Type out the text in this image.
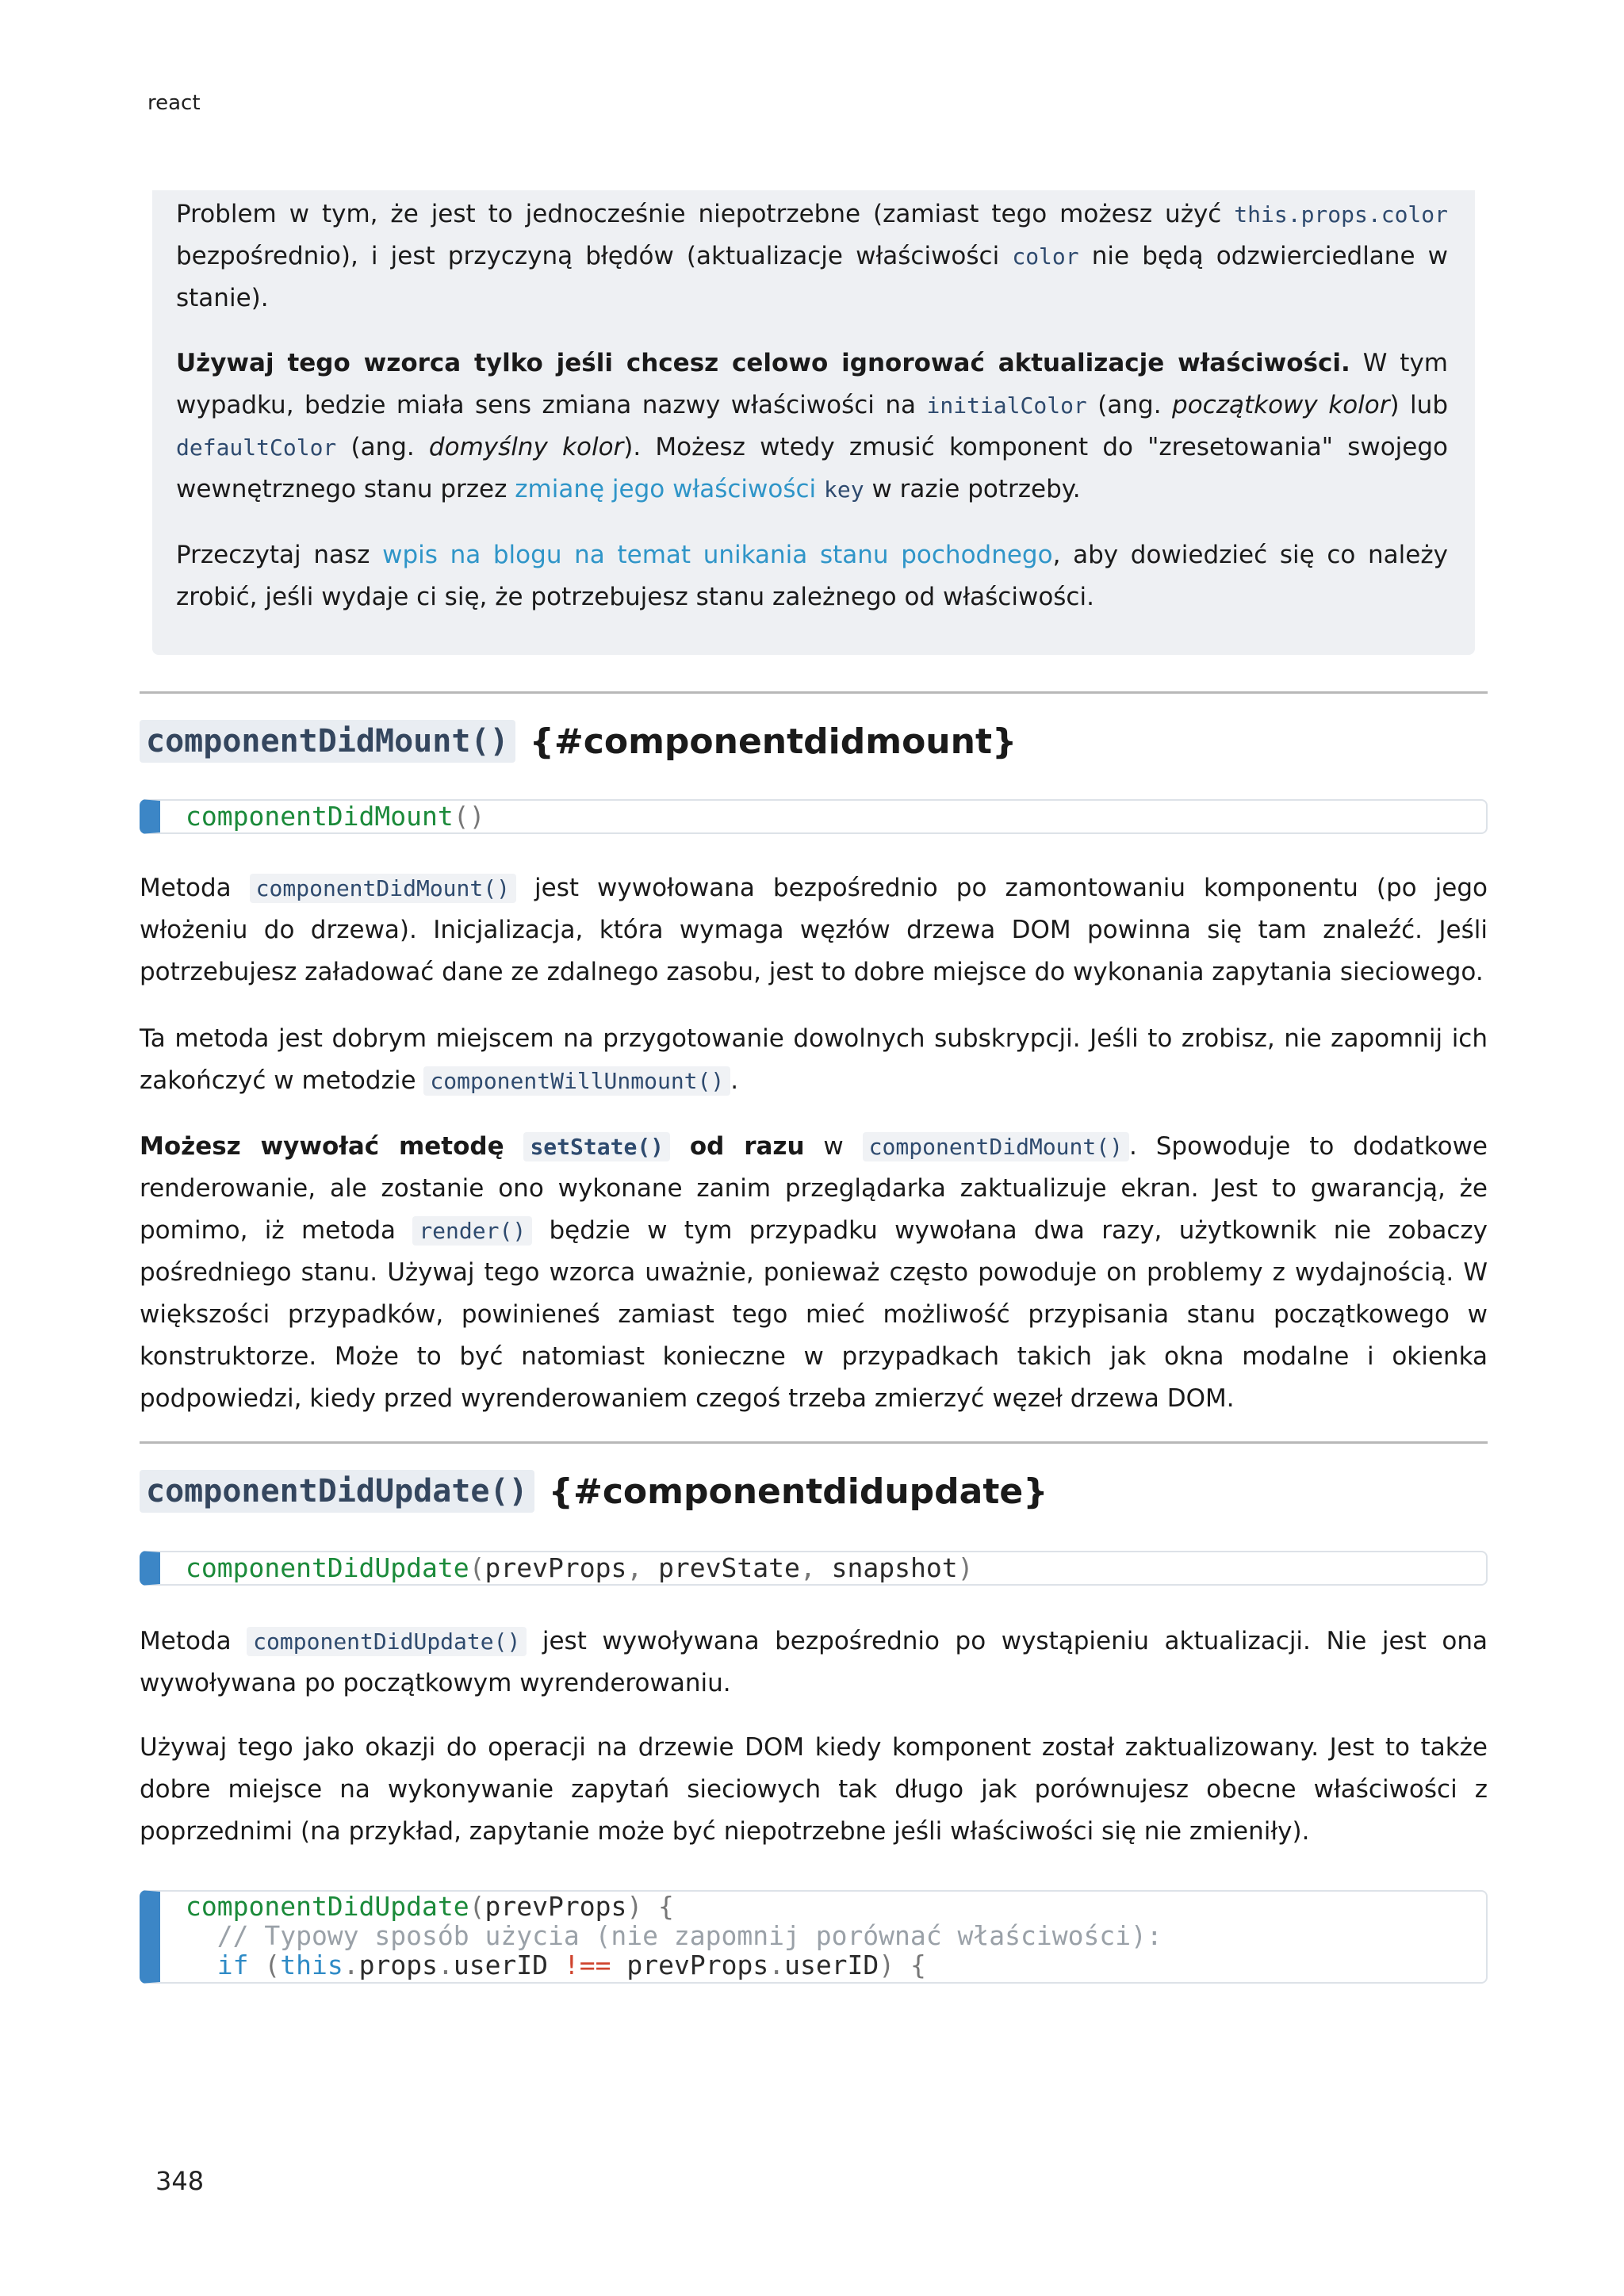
react

Problem w tym, że jest to jednocześnie niepotrzebne (zamiast tego możesz użyć this.props.color bezpośrednio), i jest przyczyną błędów (aktualizacje właściwości color nie będą odzwierciedlane w stanie).

Używaj tego wzorca tylko jeśli chcesz celowo ignorować aktualizacje właściwości. W tym wypadku, bedzie miała sens zmiana nazwy właściwości na initialColor (ang. początkowy kolor) lub defaultColor (ang. domyślny kolor). Możesz wtedy zmusić komponent do "zresetowania" swojego wewnętrznego stanu przez zmianę jego właściwości key w razie potrzeby.

Przeczytaj nasz wpis na blogu na temat unikania stanu pochodnego, aby dowiedzieć się co należy zrobić, jeśli wydaje ci się, że potrzebujesz stanu zależnego od właściwości.

componentDidMount() {#componentdidmount}
componentDidMount()

Metoda componentDidMount() jest wywołowana bezpośrednio po zamontowaniu komponentu (po jego włożeniu do drzewa). Inicjalizacja, która wymaga węzłów drzewa DOM powinna się tam znaleźć. Jeśli potrzebujesz załadować dane ze zdalnego zasobu, jest to dobre miejsce do wykonania zapytania sieciowego.

Ta metoda jest dobrym miejscem na przygotowanie dowolnych subskrypcji. Jeśli to zrobisz, nie zapomnij ich zakończyć w metodzie componentWillUnmount() .

Możesz wywołać metodę setState() od razu w componentDidMount() . Spowoduje to dodatkowe renderowanie, ale zostanie ono wykonane zanim przeglądarka zaktualizuje ekran. Jest to gwarancją, że pomimo, iż metoda render() będzie w tym przypadku wywołana dwa razy, użytkownik nie zobaczy pośredniego stanu. Używaj tego wzorca uważnie, ponieważ często powoduje on problemy z wydajnością. W większości przypadków, powinieneś zamiast tego mieć możliwość przypisania stanu początkowego w konstruktorze. Może to być natomiast konieczne w przypadkach takich jak okna modalne i okienka podpowiedzi, kiedy przed wyrenderowaniem czegoś trzeba zmierzyć węzeł drzewa DOM.

componentDidUpdate() {#componentdidupdate}
componentDidUpdate(prevProps, prevState, snapshot)

Metoda componentDidUpdate() jest wywoływana bezpośrednio po wystąpieniu aktualizacji. Nie jest ona wywoływana po początkowym wyrenderowaniu.

Używaj tego jako okazji do operacji na drzewie DOM kiedy komponent został zaktualizowany. Jest to także dobre miejsce na wykonywanie zapytań sieciowych tak długo jak porównujesz obecne właściwości z poprzednimi (na przykład, zapytanie może być niepotrzebne jeśli właściwości się nie zmieniły).

componentDidUpdate(prevProps) {
// Typowy sposób użycia (nie zapomnij porównać właściwości):
if (this.props.userID !== prevProps.userID) {
348
